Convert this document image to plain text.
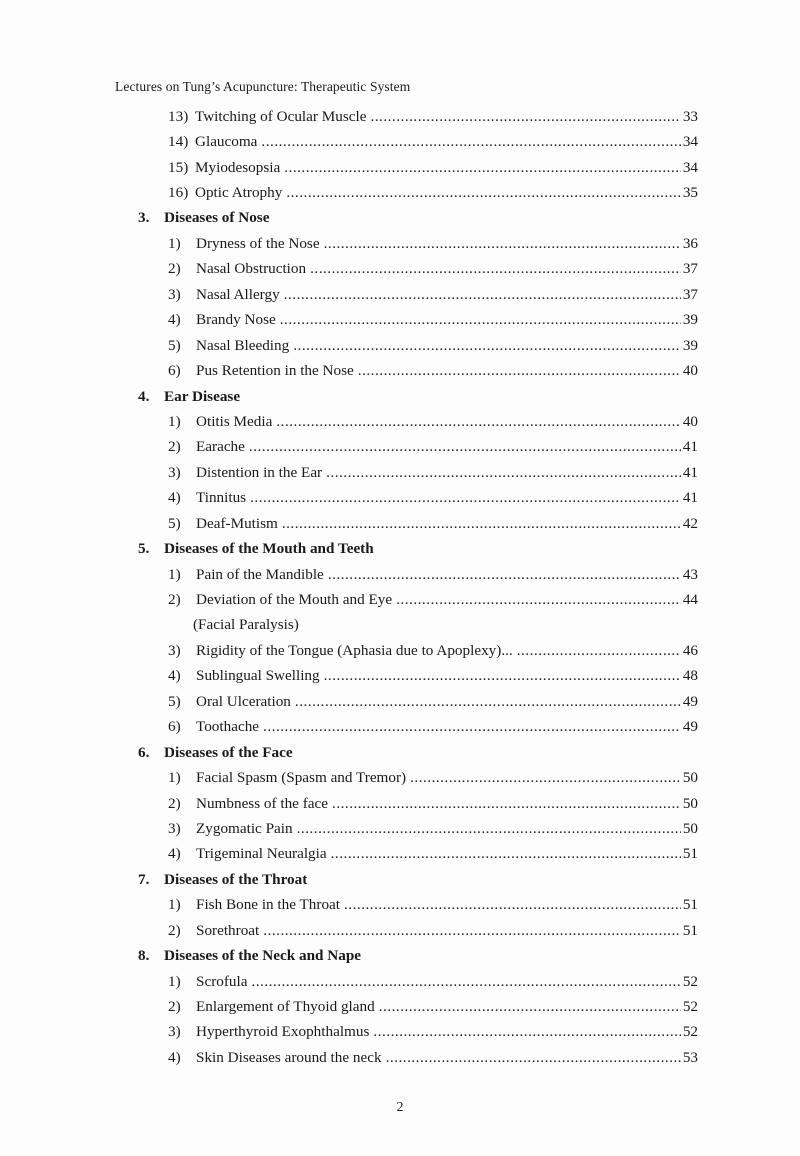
Lectures on Tung’s Acupuncture: Therapeutic System
13) Twitching of Ocular Muscle .....	33
14) Glaucoma .....	34
15) Myiodesopsia .....	34
16) Optic Atrophy .....	35
3. Diseases of Nose
1)	Dryness of the Nose .....	36
2)	Nasal Obstruction .....	37
3)	Nasal Allergy .....	37
4)	Brandy Nose .....	39
5)	Nasal Bleeding .....	39
6)	Pus Retention in the Nose .....	40
4. Ear Disease
1)	Otitis Media .....	40
2)	Earache .....	41
3)	Distention in the Ear .....	41
4)	Tinnitus .....	41
5)	Deaf-Mutism .....	42
5. Diseases of the Mouth and Teeth
1)	Pain of the Mandible .....	43
2)	Deviation of the Mouth and Eye .....	44
(Facial Paralysis)
3)	Rigidity of the Tongue (Aphasia due to Apoplexy)... .....	46
4)	Sublingual Swelling .....	48
5)	Oral Ulceration .....	49
6)	Toothache .....	49
6. Diseases of the Face
1)	Facial Spasm (Spasm and Tremor) .....	50
2)	Numbness of the face .....	50
3)	Zygomatic Pain .....	50
4)	Trigeminal Neuralgia .....	51
7. Diseases of the Throat
1)	Fish Bone in the Throat .....	51
2)	Sorethroat .....	51
8. Diseases of the Neck and Nape
1)	Scrofula .....	52
2)	Enlargement of Thyoid gland .....	52
3)	Hyperthyroid Exophthalmus .....	52
4)	Skin Diseases around the neck .....	53
2
